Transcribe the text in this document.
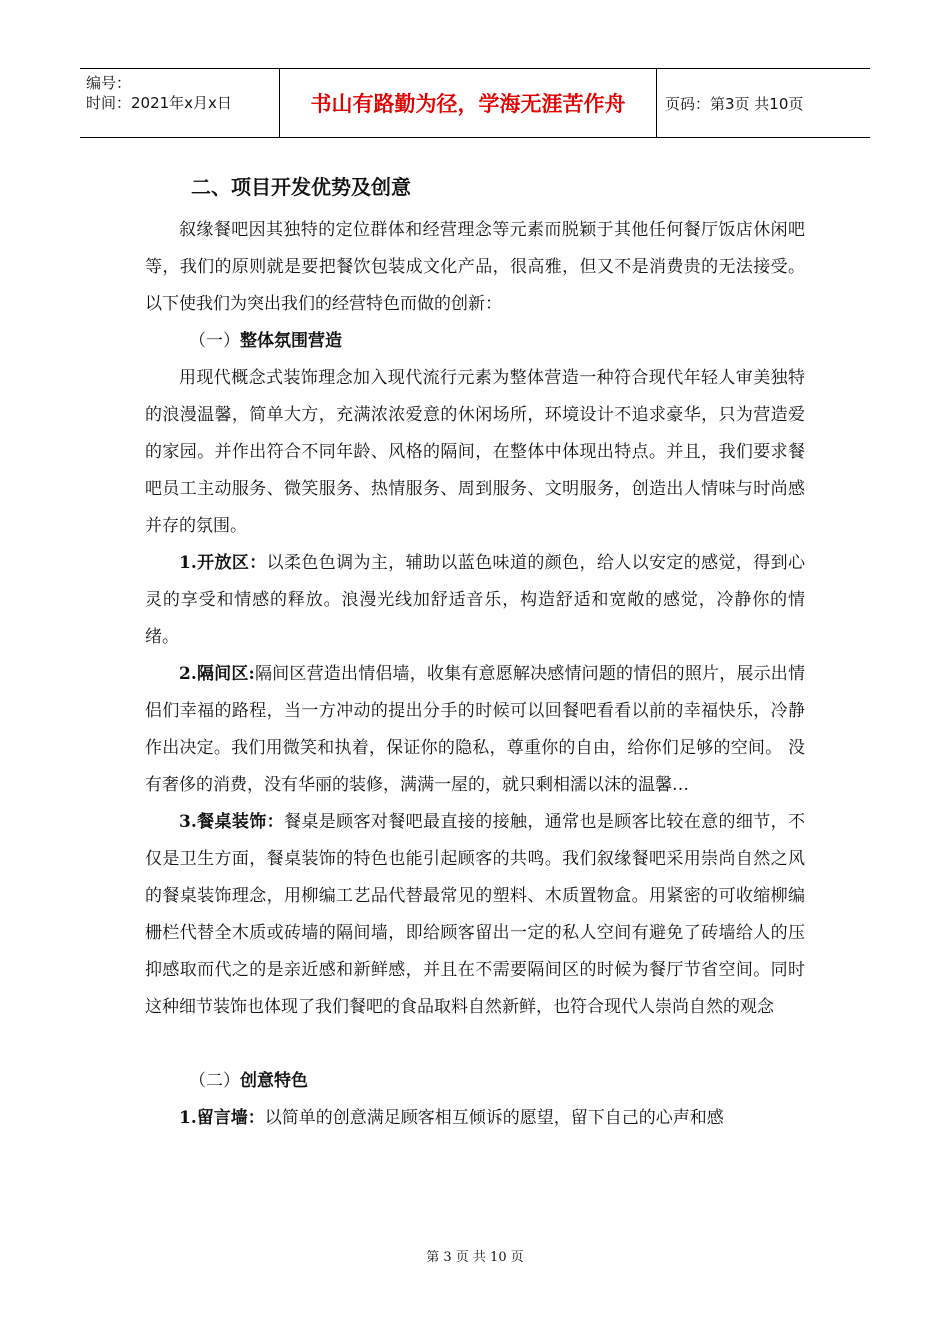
编号：
时间：2021年x月x日	书山有路勤为径，学海无涯苦作舟	页码：第3页 共10页
二、项目开发优势及创意

叙缘餐吧因其独特的定位群体和经营理念等元素而脱颖于其他任何餐厅饭店休闲吧等，我们的原则就是要把餐饮包装成文化产品，很高雅，但又不是消费贵的无法接受。以下使我们为突出我们的经营特色而做的创新：

（一）整体氛围营造

用现代概念式装饰理念加入现代流行元素为整体营造一种符合现代年轻人审美独特的浪漫温馨，简单大方，充满浓浓爱意的休闲场所，环境设计不追求豪华，只为营造爱的家园。并作出符合不同年龄、风格的隔间，在整体中体现出特点。并且，我们要求餐吧员工主动服务、微笑服务、热情服务、周到服务、文明服务，创造出人情味与时尚感并存的氛围。

1.开放区：以柔色色调为主，辅助以蓝色味道的颜色，给人以安定的感觉，得到心灵的享受和情感的释放。浪漫光线加舒适音乐，构造舒适和宽敞的感觉，冷静你的情绪。

2.隔间区:隔间区营造出情侣墙，收集有意愿解决感情问题的情侣的照片，展示出情侣们幸福的路程，当一方冲动的提出分手的时候可以回餐吧看看以前的幸福快乐，冷静作出决定。我们用微笑和执着，保证你的隐私，尊重你的自由，给你们足够的空间。 没有奢侈的消费，没有华丽的装修，满满一屋的，就只剩相濡以沫的温馨…

3.餐桌装饰：餐桌是顾客对餐吧最直接的接触，通常也是顾客比较在意的细节，不仅是卫生方面，餐桌装饰的特色也能引起顾客的共鸣。我们叙缘餐吧采用崇尚自然之风的餐桌装饰理念，用柳编工艺品代替最常见的塑料、木质置物盒。用紧密的可收缩柳编栅栏代替全木质或砖墙的隔间墙，即给顾客留出一定的私人空间有避免了砖墙给人的压抑感取而代之的是亲近感和新鲜感，并且在不需要隔间区的时候为餐厅节省空间。同时这种细节装饰也体现了我们餐吧的食品取料自然新鲜，也符合现代人崇尚自然的观念

（二）创意特色

1.留言墙：以简单的创意满足顾客相互倾诉的愿望，留下自己的心声和感

第 3 页 共 10 页
